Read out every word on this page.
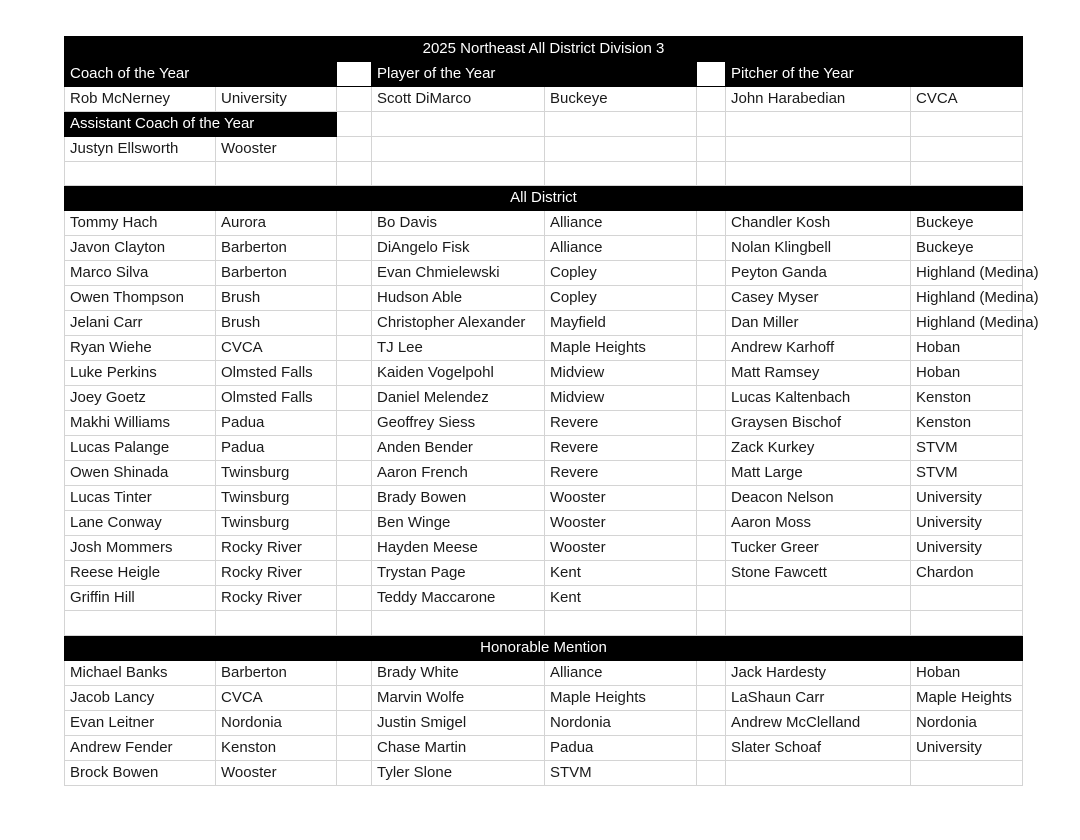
2025 Northeast All District Division 3							
Coach of the Year			Player of the Year			Pitcher of the Year	
Rob McNerney	University		Scott DiMarco	Buckeye		John Harabedian	CVCA
Assistant Coach of the Year							
Justyn Ellsworth	Wooster						

All District							
Tommy Hach	Aurora		Bo Davis	Alliance		Chandler Kosh	Buckeye
Javon Clayton	Barberton		DiAngelo Fisk	Alliance		Nolan Klingbell	Buckeye
Marco Silva	Barberton		Evan Chmielewski	Copley		Peyton Ganda	Highland (Medina)
Owen Thompson	Brush		Hudson Able	Copley		Casey Myser	Highland (Medina)
Jelani Carr	Brush		Christopher Alexander	Mayfield		Dan Miller	Highland (Medina)
Ryan Wiehe	CVCA		TJ Lee	Maple Heights		Andrew Karhoff	Hoban
Luke Perkins	Olmsted Falls		Kaiden Vogelpohl	Midview		Matt Ramsey	Hoban
Joey Goetz	Olmsted Falls		Daniel Melendez	Midview		Lucas Kaltenbach	Kenston
Makhi Williams	Padua		Geoffrey Siess	Revere		Graysen Bischof	Kenston
Lucas Palange	Padua		Anden Bender	Revere		Zack Kurkey	STVM
Owen Shinada	Twinsburg		Aaron French	Revere		Matt Large	STVM
Lucas Tinter	Twinsburg		Brady Bowen	Wooster		Deacon Nelson	University
Lane Conway	Twinsburg		Ben Winge	Wooster		Aaron Moss	University
Josh Mommers	Rocky River		Hayden Meese	Wooster		Tucker Greer	University
Reese Heigle	Rocky River		Trystan Page	Kent		Stone Fawcett	Chardon
Griffin Hill	Rocky River		Teddy Maccarone	Kent			

Honorable Mention							
Michael Banks	Barberton		Brady White	Alliance		Jack Hardesty	Hoban
Jacob Lancy	CVCA		Marvin Wolfe	Maple Heights		LaShaun Carr	Maple Heights
Evan Leitner	Nordonia		Justin Smigel	Nordonia		Andrew McClelland	Nordonia
Andrew Fender	Kenston		Chase Martin	Padua		Slater Schoaf	University
Brock Bowen	Wooster		Tyler Slone	STVM			
